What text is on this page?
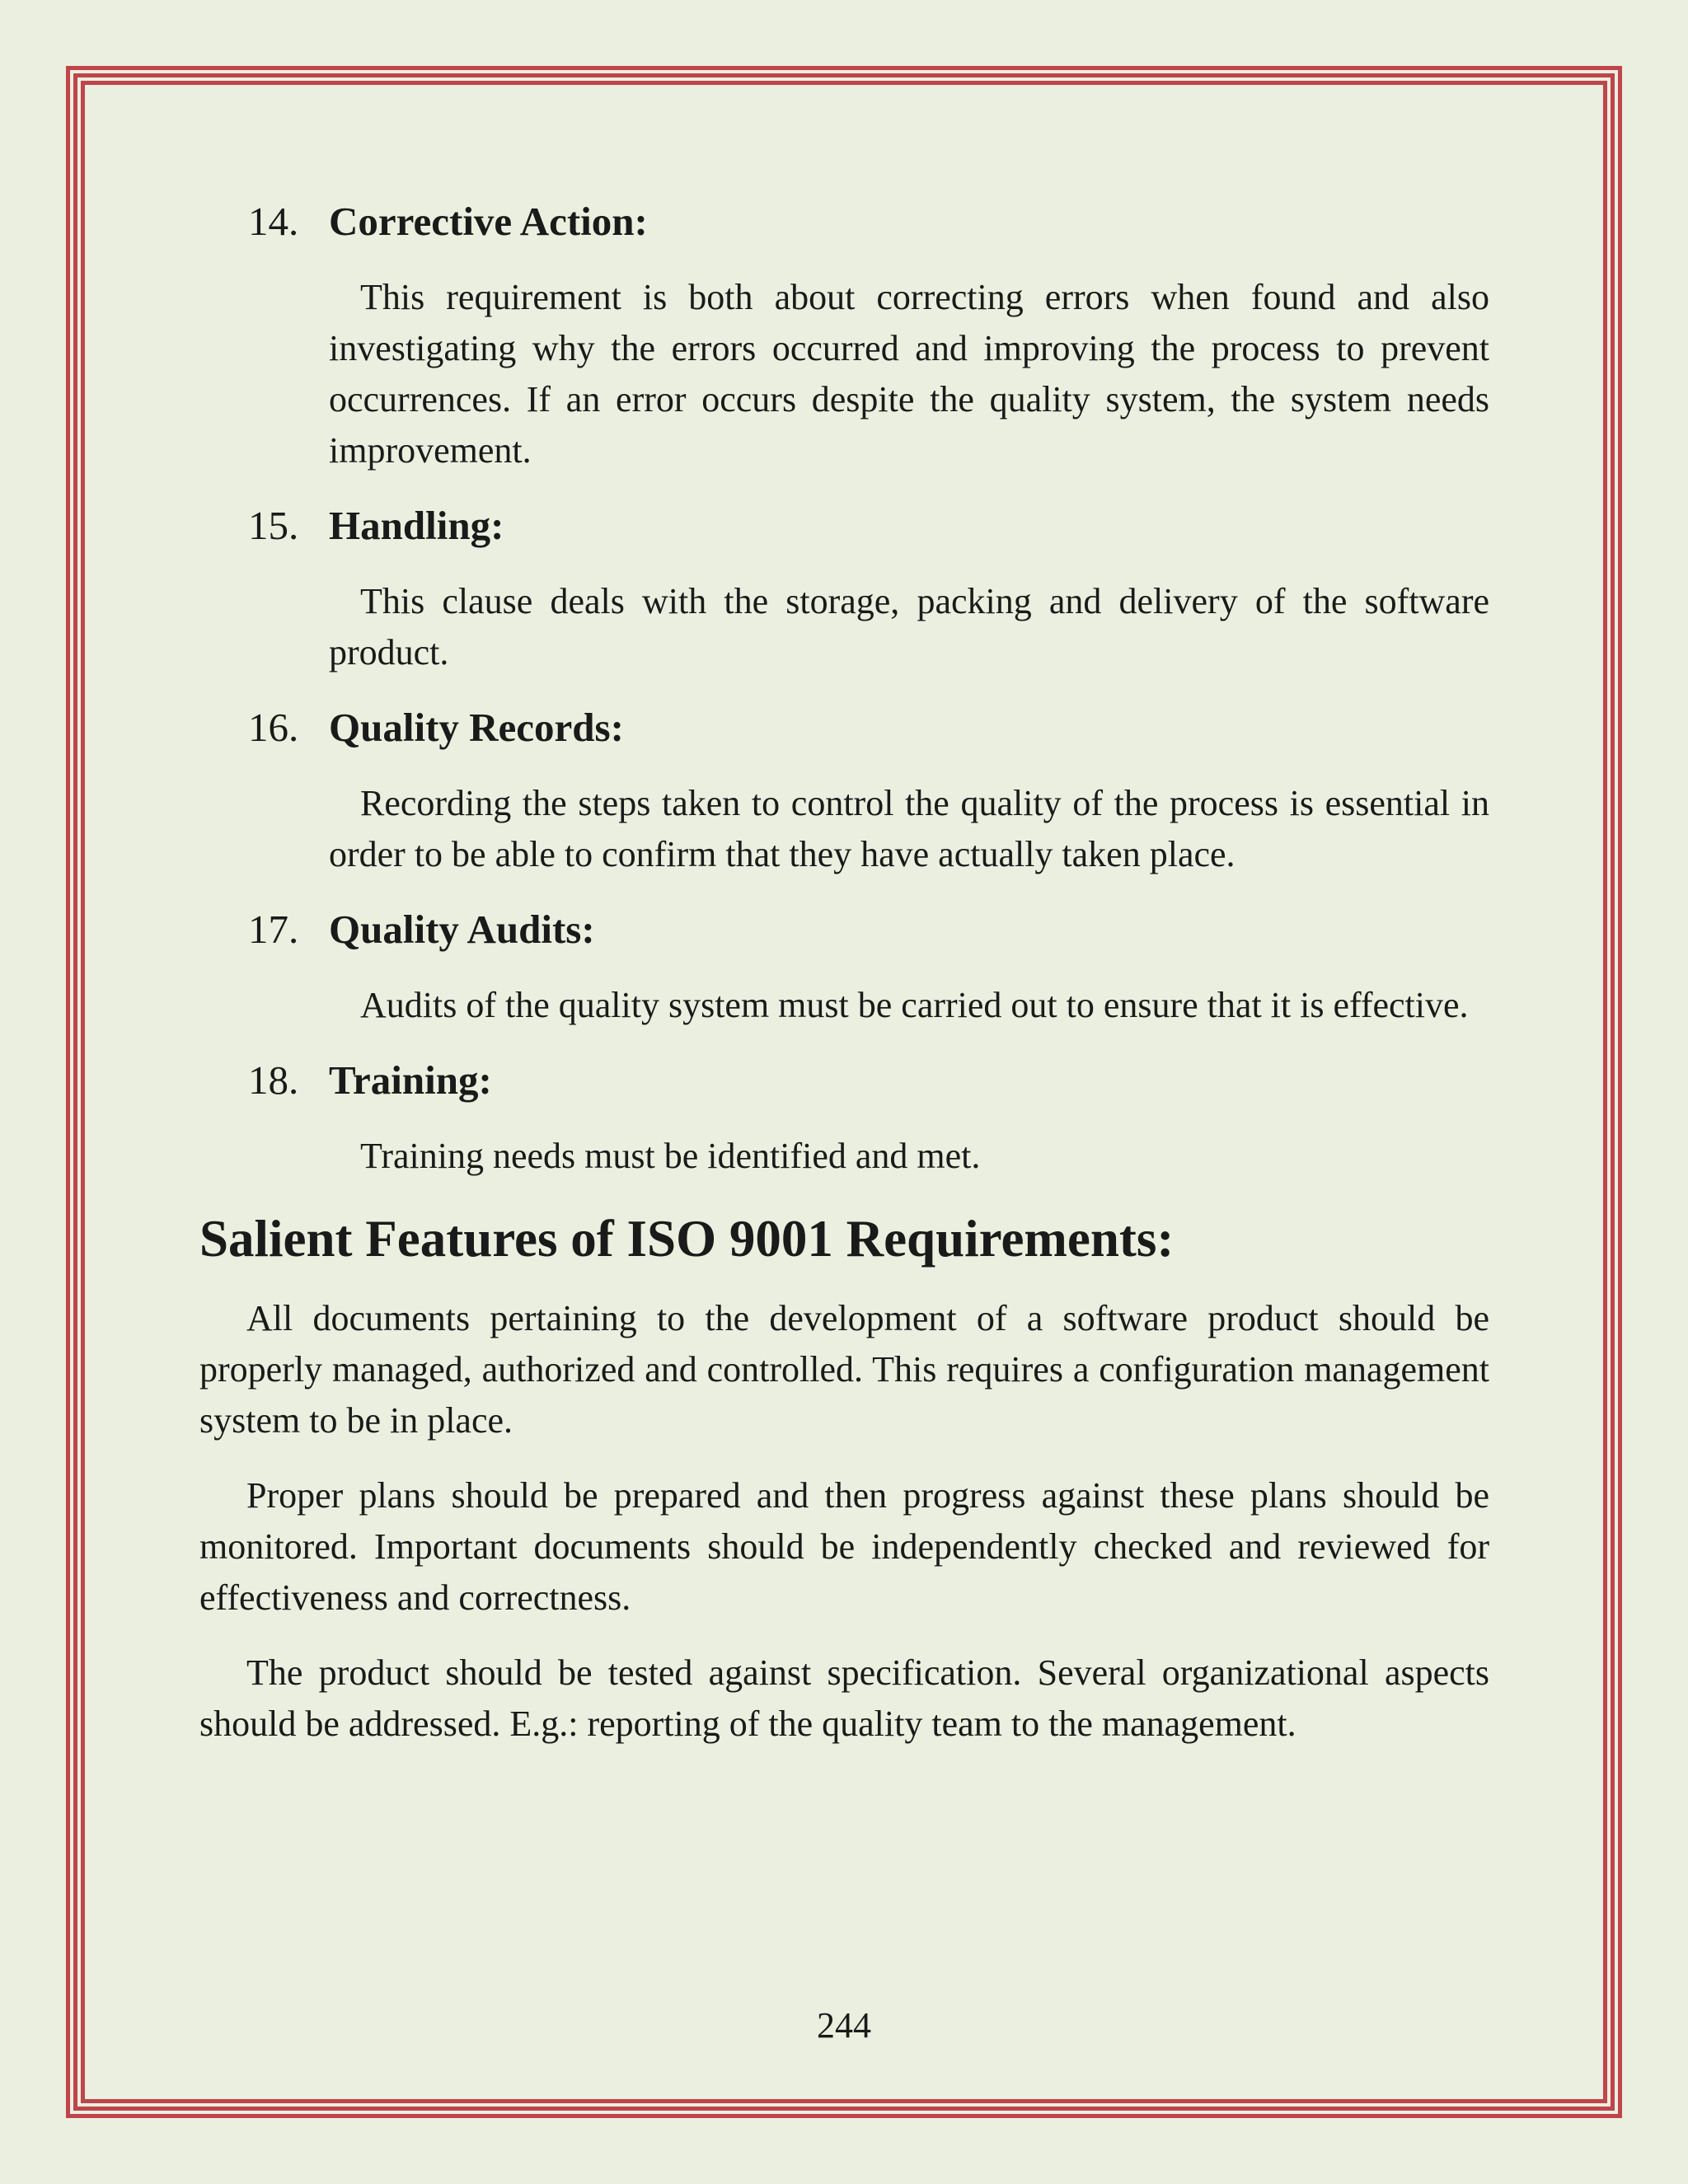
14. Corrective Action:

This requirement is both about correcting errors when found and also investigating why the errors occurred and improving the process to prevent occurrences. If an error occurs despite the quality system, the system needs improvement.

15. Handling:

This clause deals with the storage, packing and delivery of the software product.

16. Quality Records:

Recording the steps taken to control the quality of the process is essential in order to be able to confirm that they have actually taken place.

17. Quality Audits:

Audits of the quality system must be carried out to ensure that it is effective.

18. Training:

Training needs must be identified and met.

Salient Features of ISO 9001 Requirements:

All documents pertaining to the development of a software product should be properly managed, authorized and controlled. This requires a configuration management system to be in place.

Proper plans should be prepared and then progress against these plans should be monitored. Important documents should be independently checked and reviewed for effectiveness and correctness.

The product should be tested against specification. Several organizational aspects should be addressed. E.g.: reporting of the quality team to the management.

244
